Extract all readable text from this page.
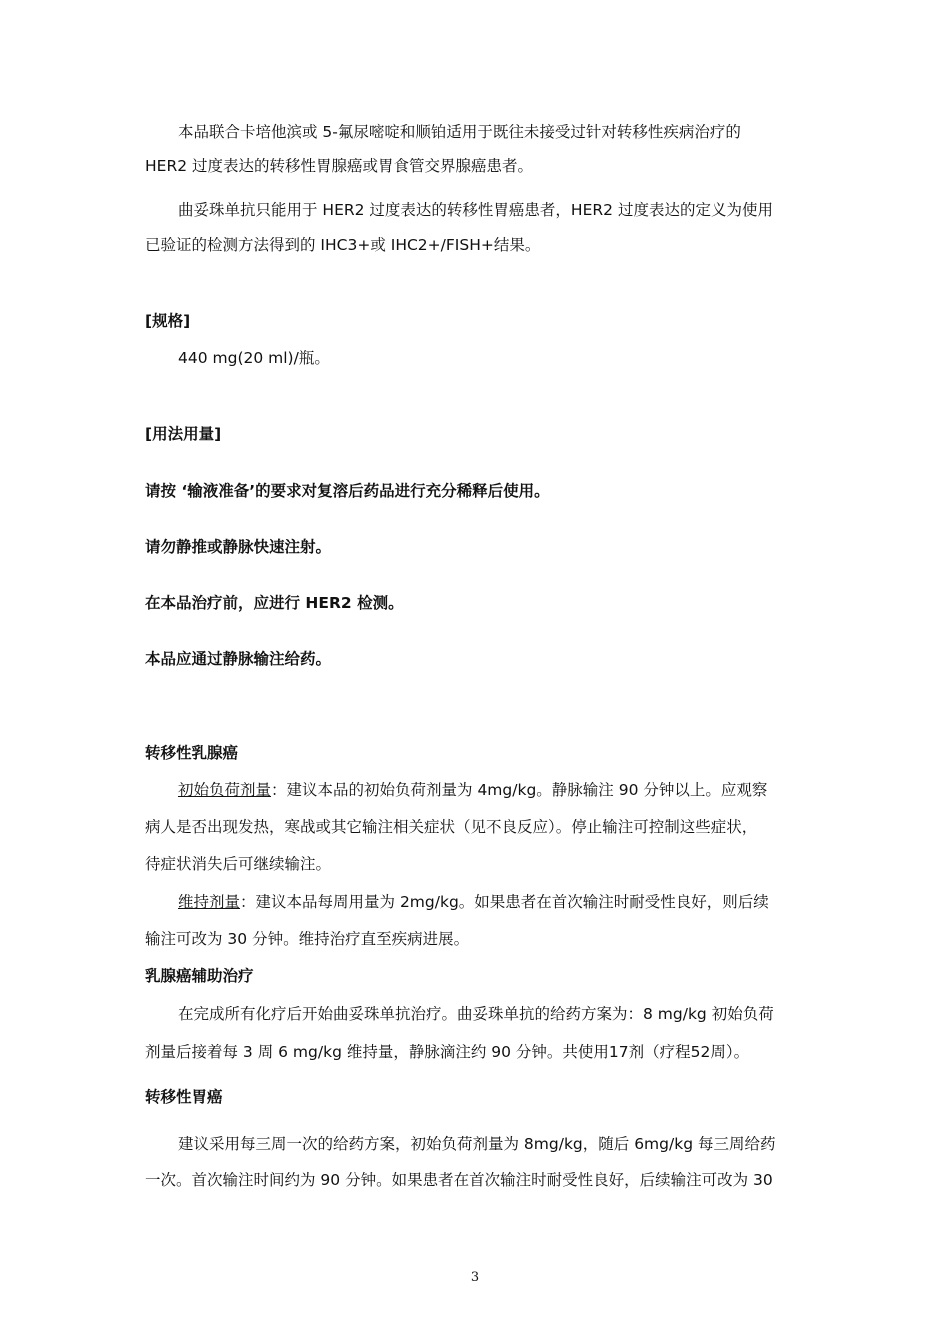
本品联合卡培他滨或 5-氟尿嘧啶和顺铂适用于既往未接受过针对转移性疾病治疗的
HER2 过度表达的转移性胃腺癌或胃食管交界腺癌患者。
曲妥珠单抗只能用于 HER2 过度表达的转移性胃癌患者，HER2 过度表达的定义为使用
已验证的检测方法得到的 IHC3+或 IHC2+/FISH+结果。
[规格]
440 mg(20 ml)/瓶。
[用法用量]
请按 ‘输液准备’的要求对复溶后药品进行充分稀释后使用。
请勿静推或静脉快速注射。
在本品治疗前，应进行 HER2 检测。
本品应通过静脉输注给药。
转移性乳腺癌
初始负荷剂量：建议本品的初始负荷剂量为 4mg/kg。静脉输注 90 分钟以上。应观察
病人是否出现发热，寒战或其它输注相关症状（见不良反应）。停止输注可控制这些症状，
待症状消失后可继续输注。
维持剂量：建议本品每周用量为 2mg/kg。如果患者在首次输注时耐受性良好，则后续
输注可改为 30 分钟。维持治疗直至疾病进展。
乳腺癌辅助治疗
在完成所有化疗后开始曲妥珠单抗治疗。曲妥珠单抗的给药方案为：8 mg/kg 初始负荷
剂量后接着每 3 周 6 mg/kg 维持量，静脉滴注约 90 分钟。共使用17剂（疗程52周）。
转移性胃癌
建议采用每三周一次的给药方案，初始负荷剂量为 8mg/kg，随后 6mg/kg 每三周给药
一次。首次输注时间约为 90 分钟。如果患者在首次输注时耐受性良好，后续输注可改为 30
3
